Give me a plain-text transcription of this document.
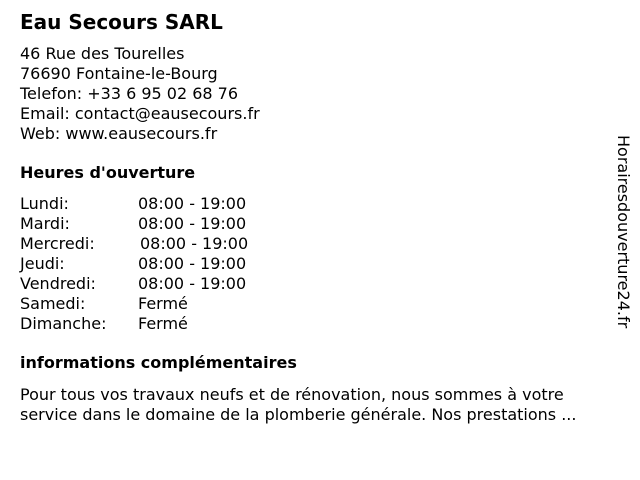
Eau Secours SARL
46 Rue des Tourelles
76690 Fontaine-le-Bourg
Telefon: +33 6 95 02 68 76
Email: contact@eausecours.fr
Web: www.eausecours.fr
Heures d'ouverture
Lundi:	08:00 - 19:00
Mardi:	08:00 - 19:00
Mercredi:	08:00 - 19:00
Jeudi:	08:00 - 19:00
Vendredi:	08:00 - 19:00
Samedi:	Fermé
Dimanche: Fermé
informations complémentaires
Pour tous vos travaux neufs et de rénovation, nous sommes à votre
service dans le domaine de la plomberie générale. Nos prestations ...
Horairesdouverture24.fr
